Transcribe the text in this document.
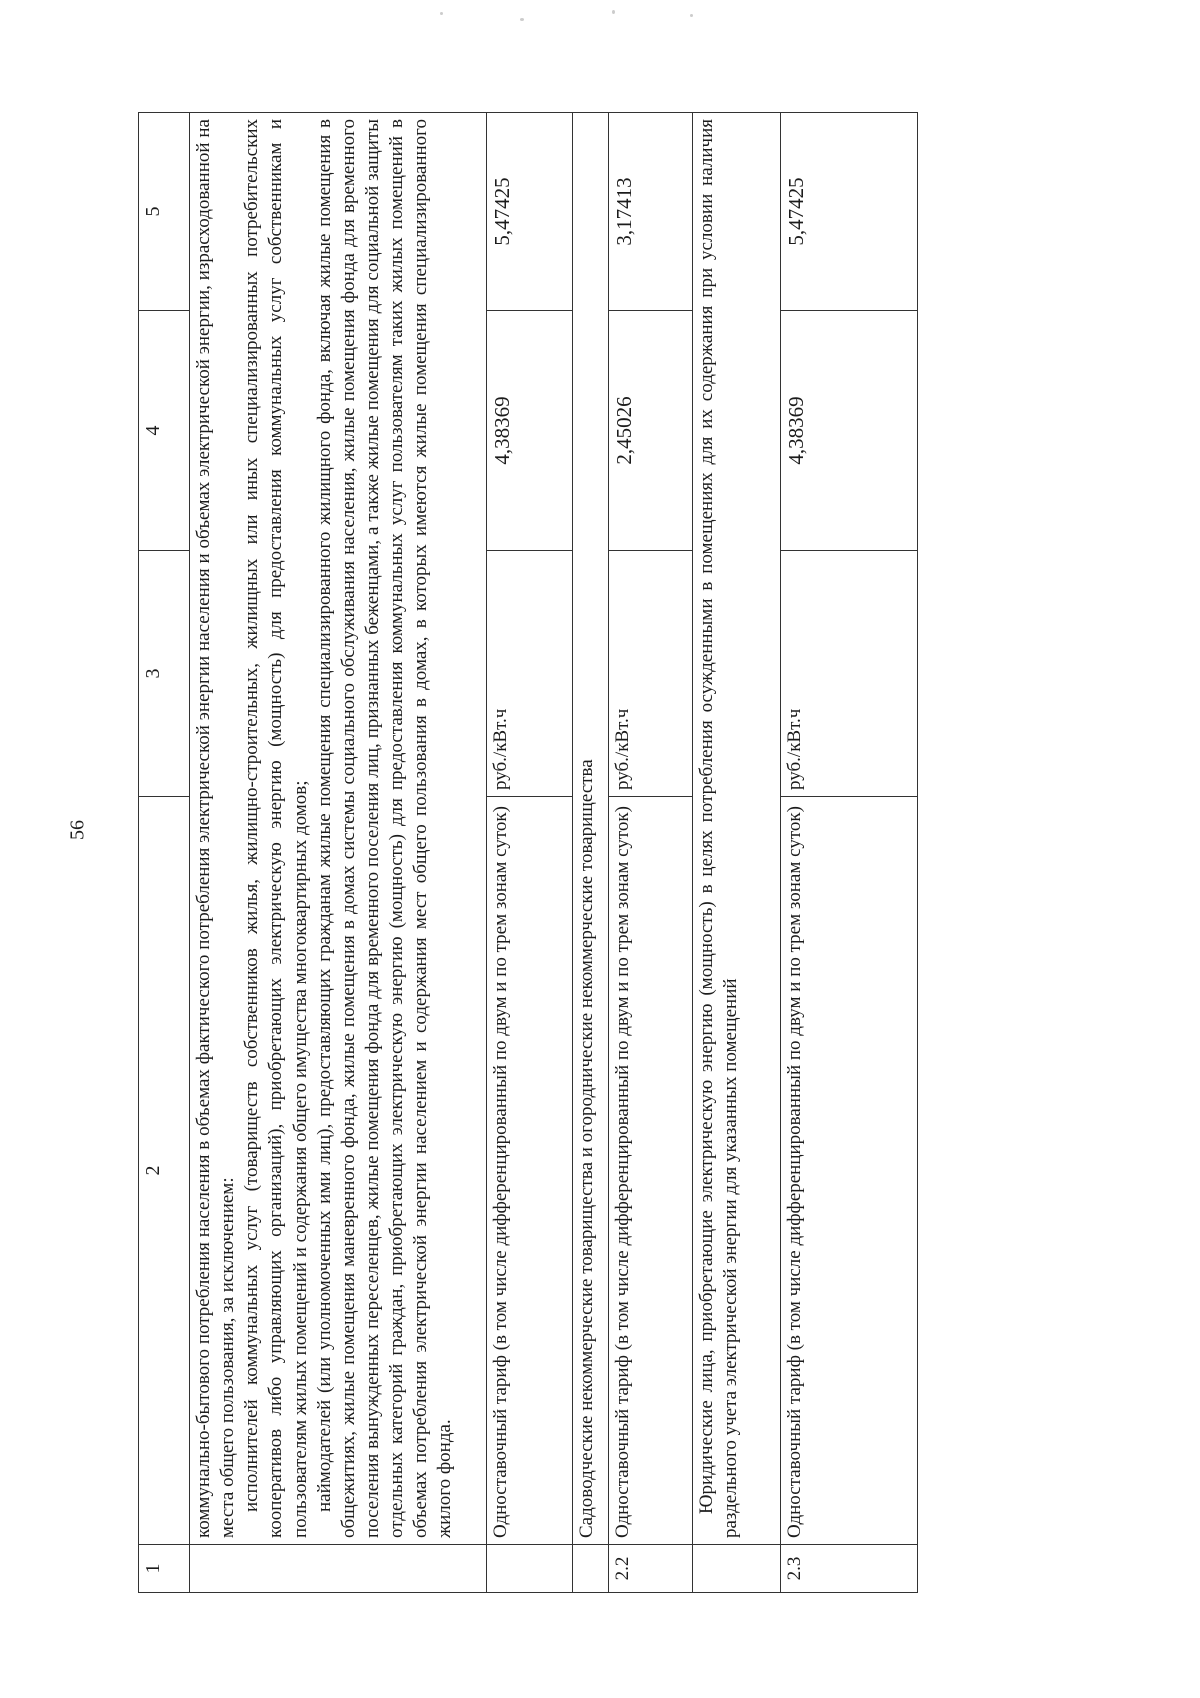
56
1	2	3	4	5

	коммунально-бытового потребления населения в объемах фактического потребления электрической энергии населения и объемах электрической энергии, израсходованной на места общего пользования, за исключением: исполнителей коммунальных услуг (товариществ собственников жилья, жилищно-строительных, жилищных или иных специализированных потребительских кооперативов либо управляющих организаций), приобретающих электрическую энергию (мощность) для предоставления коммунальных услуг собственникам и пользователям жилых помещений и содержания общего имущества многоквартирных домов; наймодателей (или уполномоченных ими лиц), предоставляющих гражданам жилые помещения специализированного жилищного фонда, включая жилые помещения в общежитиях, жилые помещения маневренного фонда, жилые помещения в домах системы социального обслуживания населения, жилые помещения фонда для временного поселения вынужденных переселенцев, жилые помещения фонда для временного поселения лиц, признанных беженцами, а также жилые помещения для социальной защиты отдельных категорий граждан, приобретающих электрическую энергию (мощность) для предоставления коммунальных услуг пользователям таких жилых помещений в объемах потребления электрической энергии населением и содержания мест общего пользования в домах, в которых имеются жилые помещения специализированного жилого фонда.			

	Одноставочный тариф (в том числе дифференцированный по двум и по трем зонам суток)	руб./кВт.ч	4,38369	5,47425
	Садоводческие некоммерческие товарищества и огороднические некоммерческие товарищества			
2.2	Одноставочный тариф (в том числе дифференцированный по двум и по трем зонам суток)	руб./кВт.ч	2,45026	3,17413

	Юридические лица, приобретающие электрическую энергию (мощность) в целях потребления осужденными в помещениях для их содержания при условии наличия раздельного учета электрической энергии для указанных помещений			

2.3	Одноставочный тариф (в том числе дифференцированный по двум и по трем зонам суток)	руб./кВт.ч	4,38369	5,47425
